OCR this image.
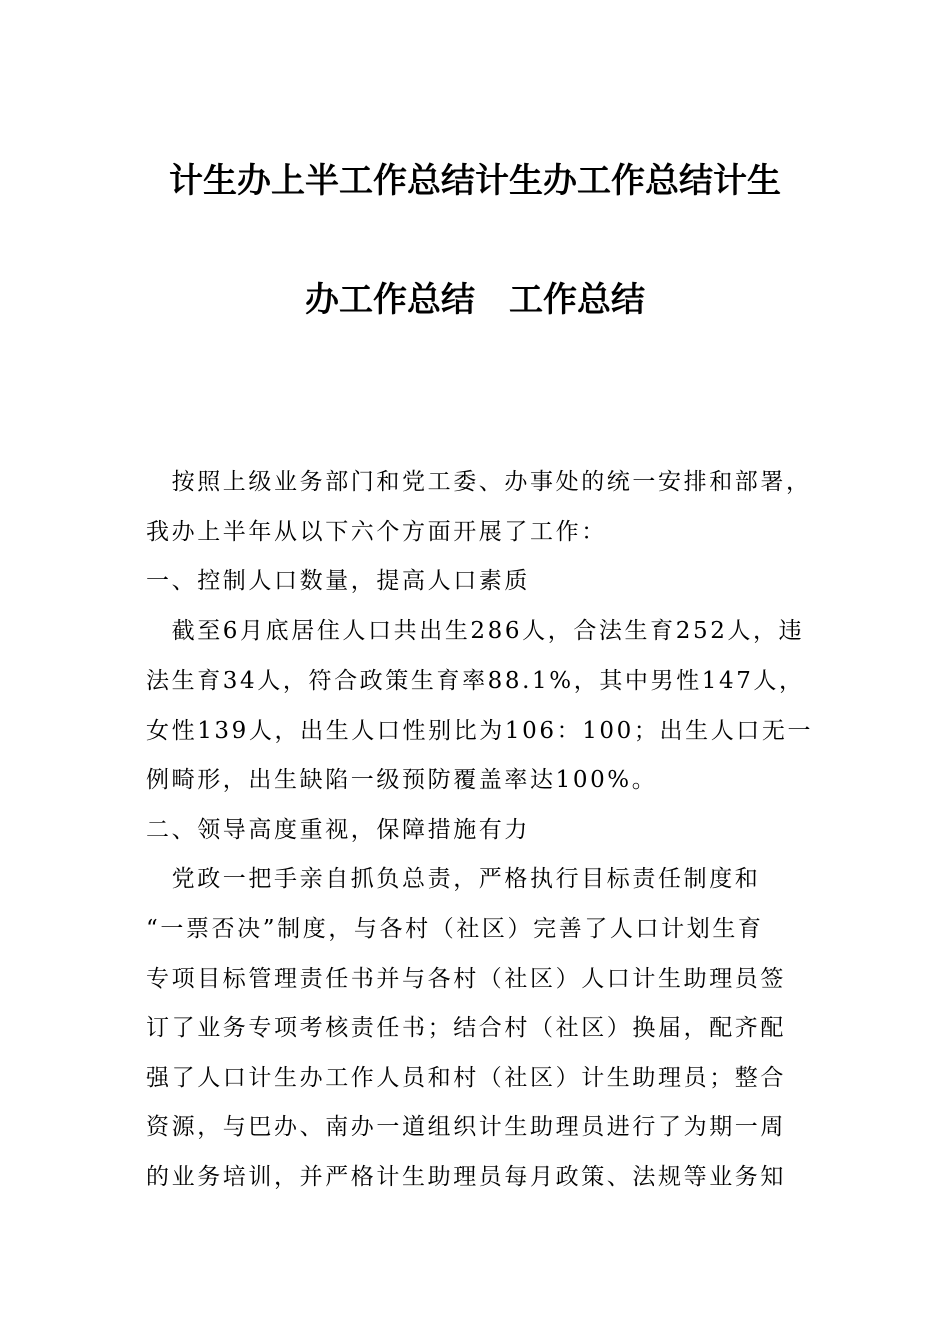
计生办上半工作总结计生办工作总结计生
办工作总结　工作总结
　按照上级业务部门和党工委、办事处的统一安排和部署，
我办上半年从以下六个方面开展了工作：
一、控制人口数量，提高人口素质
　截至6月底居住人口共出生286人，合法生育252人，违
法生育34人，符合政策生育率88.1%，其中男性147人，
女性139人，出生人口性别比为106：100；出生人口无一
例畸形，出生缺陷一级预防覆盖率达100%。
二、领导高度重视，保障措施有力
　党政一把手亲自抓负总责，严格执行目标责任制度和
“一票否决”制度，与各村（社区）完善了人口计划生育
专项目标管理责任书并与各村（社区）人口计生助理员签
订了业务专项考核责任书；结合村（社区）换届，配齐配
强了人口计生办工作人员和村（社区）计生助理员；整合
资源，与巴办、南办一道组织计生助理员进行了为期一周
的业务培训，并严格计生助理员每月政策、法规等业务知
